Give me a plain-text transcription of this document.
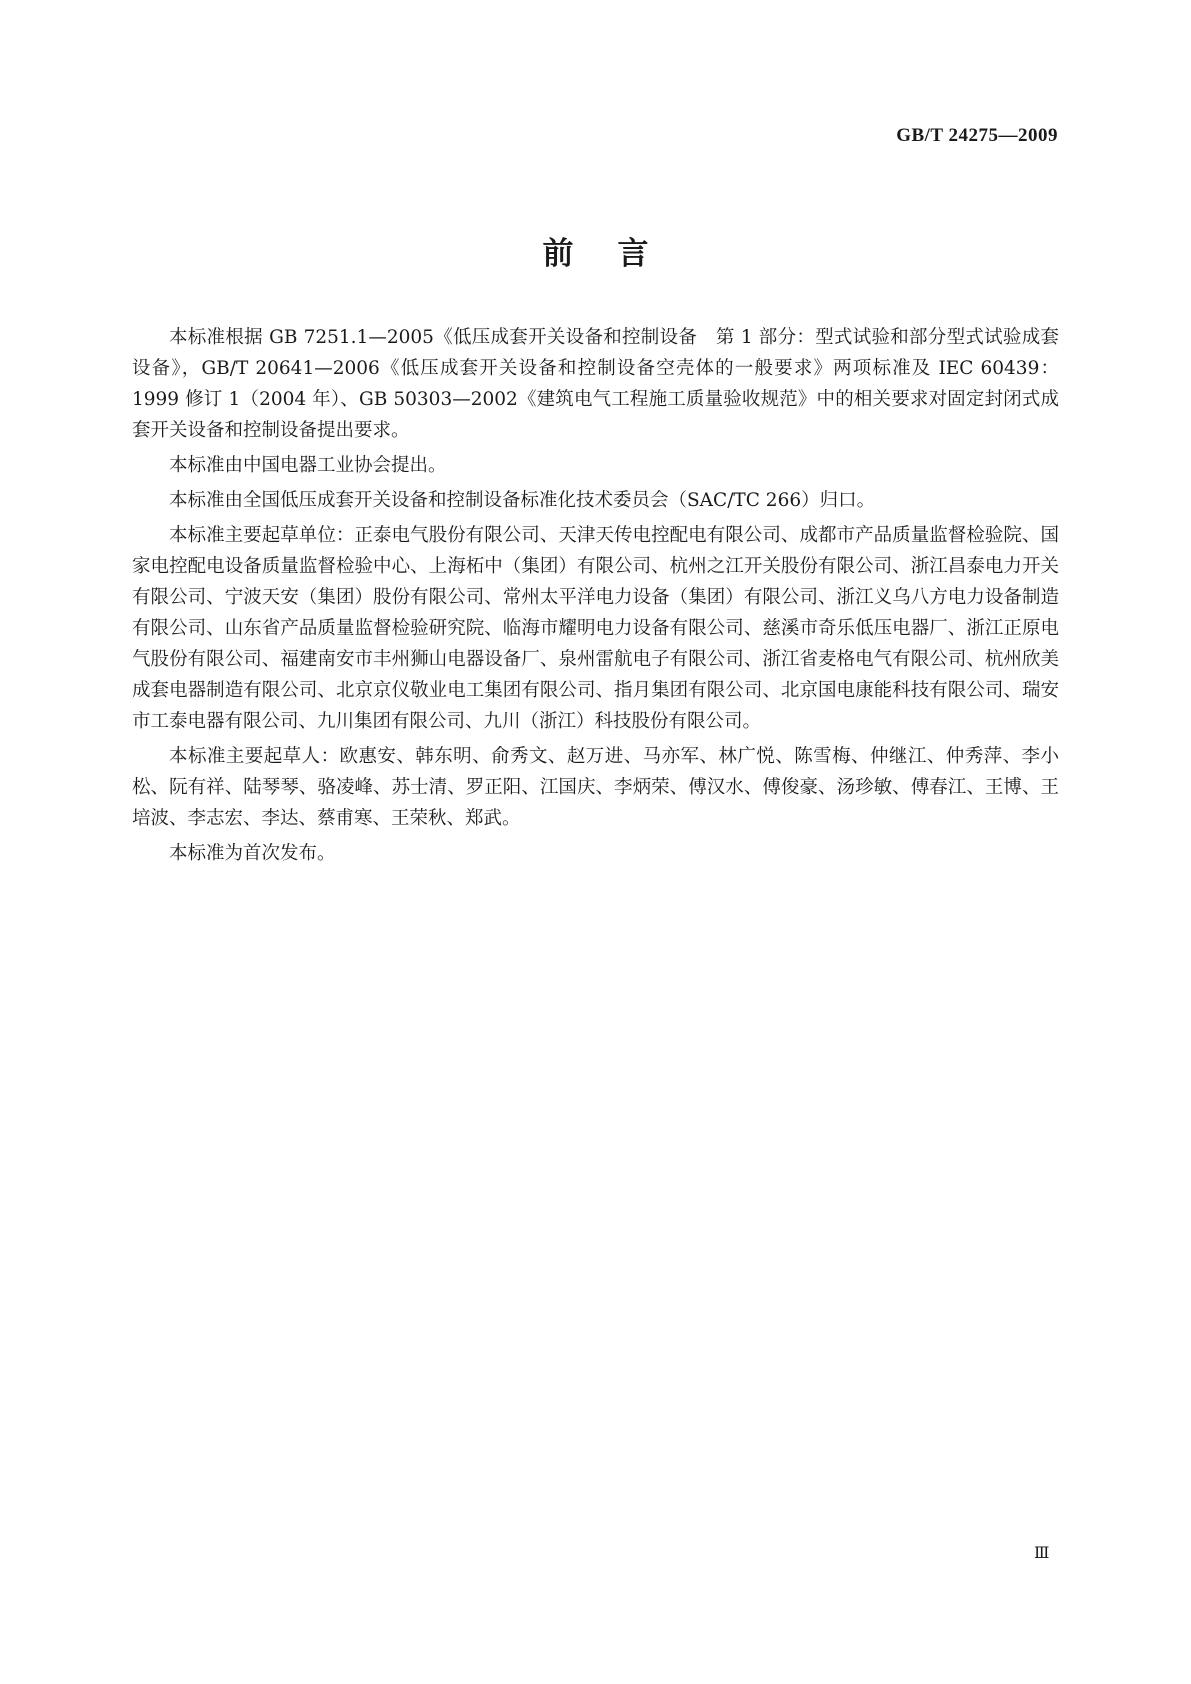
GB/T 24275—2009
前言

本标准根据 GB 7251.1—2005《低压成套开关设备和控制设备　第 1 部分：型式试验和部分型式试验成套设备》，GB/T 20641—2006《低压成套开关设备和控制设备空壳体的一般要求》两项标准及 IEC 60439：1999 修订 1（2004 年）、GB 50303—2002《建筑电气工程施工质量验收规范》中的相关要求对固定封闭式成套开关设备和控制设备提出要求。

本标准由中国电器工业协会提出。

本标准由全国低压成套开关设备和控制设备标准化技术委员会（SAC/TC 266）归口。

本标准主要起草单位：正泰电气股份有限公司、天津天传电控配电有限公司、成都市产品质量监督检验院、国家电控配电设备质量监督检验中心、上海柘中（集团）有限公司、杭州之江开关股份有限公司、浙江昌泰电力开关有限公司、宁波天安（集团）股份有限公司、常州太平洋电力设备（集团）有限公司、浙江义乌八方电力设备制造有限公司、山东省产品质量监督检验研究院、临海市耀明电力设备有限公司、慈溪市奇乐低压电器厂、浙江正原电气股份有限公司、福建南安市丰州狮山电器设备厂、泉州雷航电子有限公司、浙江省麦格电气有限公司、杭州欣美成套电器制造有限公司、北京京仪敬业电工集团有限公司、指月集团有限公司、北京国电康能科技有限公司、瑞安市工泰电器有限公司、九川集团有限公司、九川（浙江）科技股份有限公司。

本标准主要起草人：欧惠安、韩东明、俞秀文、赵万进、马亦军、林广悦、陈雪梅、仲继江、仲秀萍、李小松、阮有祥、陆琴琴、骆凌峰、苏士清、罗正阳、江国庆、李炳荣、傅汉水、傅俊豪、汤珍敏、傅春江、王博、王培波、李志宏、李达、蔡甫寒、王荣秋、郑武。

本标准为首次发布。

Ⅲ
